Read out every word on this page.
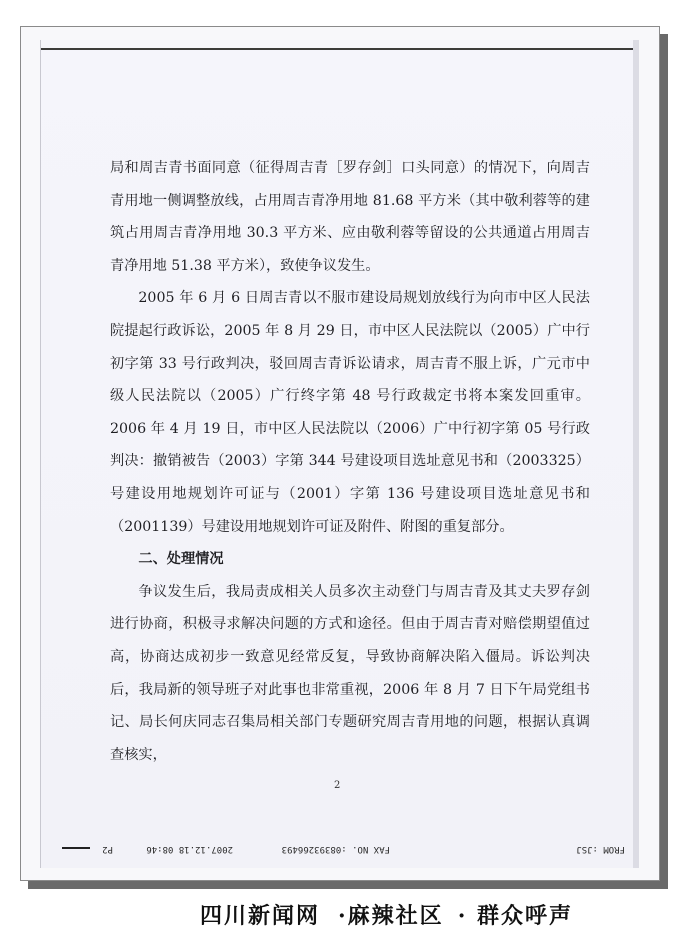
局和周吉青书面同意（征得周吉青［罗存剑］口头同意）的情况下，向周吉青用地一侧调整放线，占用周吉青净用地 81.68 平方米（其中敬利蓉等的建筑占用周吉青净用地 30.3 平方米、应由敬利蓉等留设的公共通道占用周吉青净用地 51.38 平方米），致使争议发生。

2005 年 6 月 6 日周吉青以不服市建设局规划放线行为向市中区人民法院提起行政诉讼，2005 年 8 月 29 日，市中区人民法院以（2005）广中行初字第 33 号行政判决，驳回周吉青诉讼请求，周吉青不服上诉，广元市中级人民法院以（2005）广行终字第 48 号行政裁定书将本案发回重审。2006 年 4 月 19 日，市中区人民法院以（2006）广中行初字第 05 号行政判决：撤销被告（2003）字第 344 号建设项目选址意见书和（2003325）号建设用地规划许可证与（2001）字第 136 号建设项目选址意见书和（2001139）号建设用地规划许可证及附件、附图的重复部分。

二、处理情况

争议发生后，我局责成相关人员多次主动登门与周吉青及其丈夫罗存剑进行协商，积极寻求解决问题的方式和途径。但由于周吉青对赔偿期望值过高，协商达成初步一致意见经常反复，导致协商解决陷入僵局。诉讼判决后，我局新的领导班子对此事也非常重视，2006 年 8 月 7 日下午局党组书记、局长何庆同志召集局相关部门专题研究周吉青用地的问题，根据认真调查核实，

2
FROM :JSJ
FAX NO. :08393266493
2007.12.18 08:46
P2
四川新闻网 ·麻辣社区 · 群众呼声
